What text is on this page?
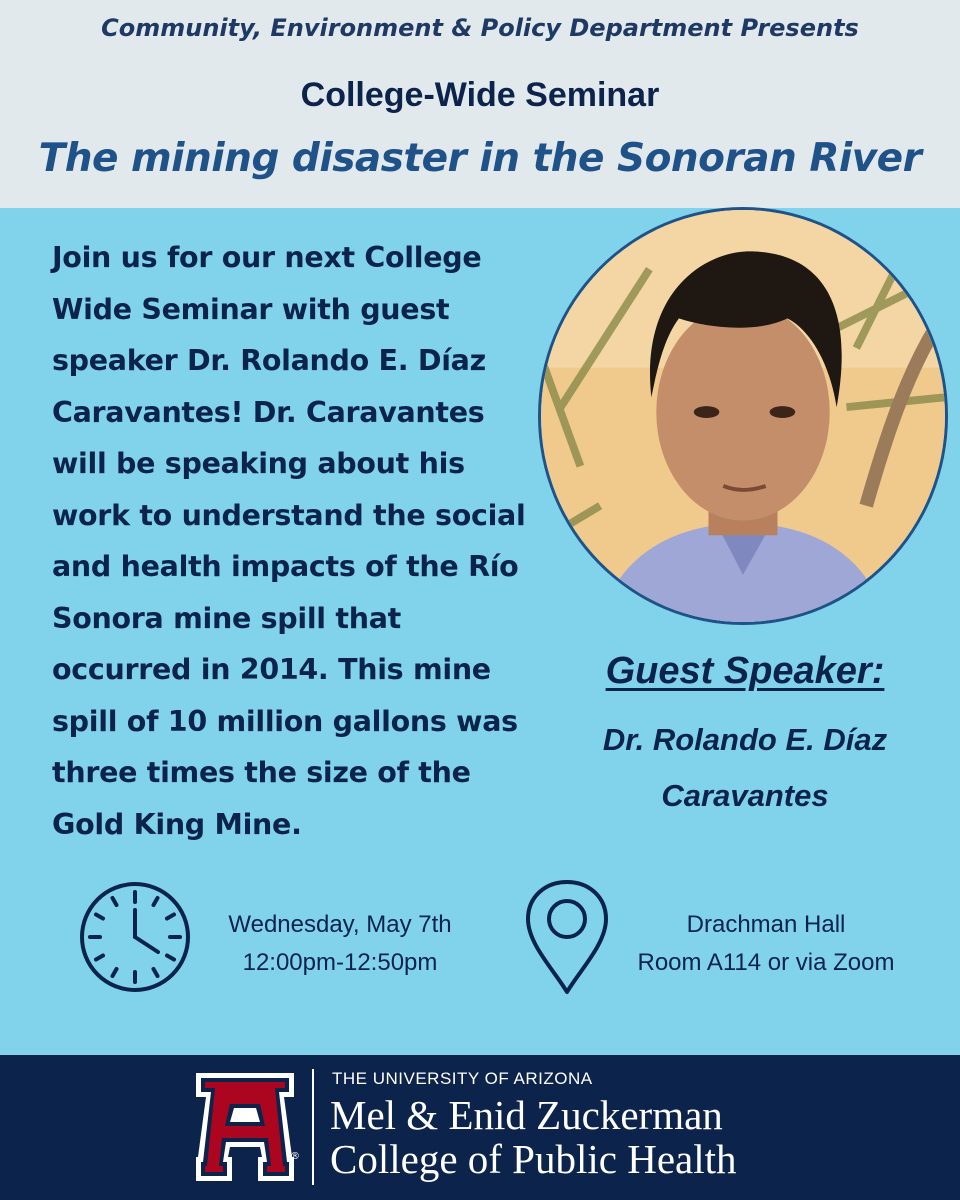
Community, Environment & Policy Department Presents
College-Wide Seminar
The mining disaster in the Sonoran River
Join us for our next College
Wide Seminar with guest
speaker Dr. Rolando E. Díaz
Caravantes! Dr. Caravantes
will be speaking about his
work to understand the social
and health impacts of the Río
Sonora mine spill that
occurred in 2014. This mine
spill of 10 million gallons was
three times the size of the
Gold King Mine.
Guest Speaker:
Dr. Rolando E. Díaz
Caravantes
Wednesday, May 7th
12:00pm-12:50pm
Drachman Hall
Room A114 or via Zoom
®
THE UNIVERSITY OF ARIZONA
Mel & Enid Zuckerman
College of Public Health
